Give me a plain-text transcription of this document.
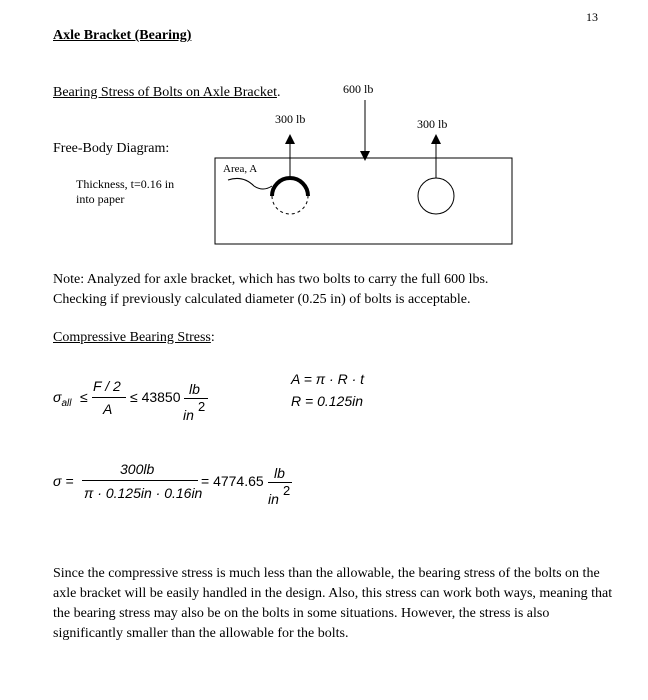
13
Axle Bracket (Bearing)
Bearing Stress of Bolts on Axle Bracket.
Free-Body Diagram:
Thickness, t=0.16 in
into paper
600 lb
300 lb	300 lb
Area, A
Note: Analyzed for axle bracket, which has two bolts to carry the full 600 lbs.
Checking if previously calculated diameter (0.25 in) of bolts is acceptable.
Compressive Bearing Stress:
$\sigma_{all}$ ≤
F / 2
A
≤ 43850 lb
in
2
A = π · R · t
R = 0.125in
σ =
300lb
π · 0.125in · 0.16in
= 4774.65 lb
in
2
Since the compressive stress is much less than the allowable, the bearing stress of the bolts on the axle bracket will be easily handled in the design. Also, this stress can work both ways, meaning that the bearing stress may also be on the bolts in some situations. However, the stress is also significantly smaller than the allowable for the bolts.
